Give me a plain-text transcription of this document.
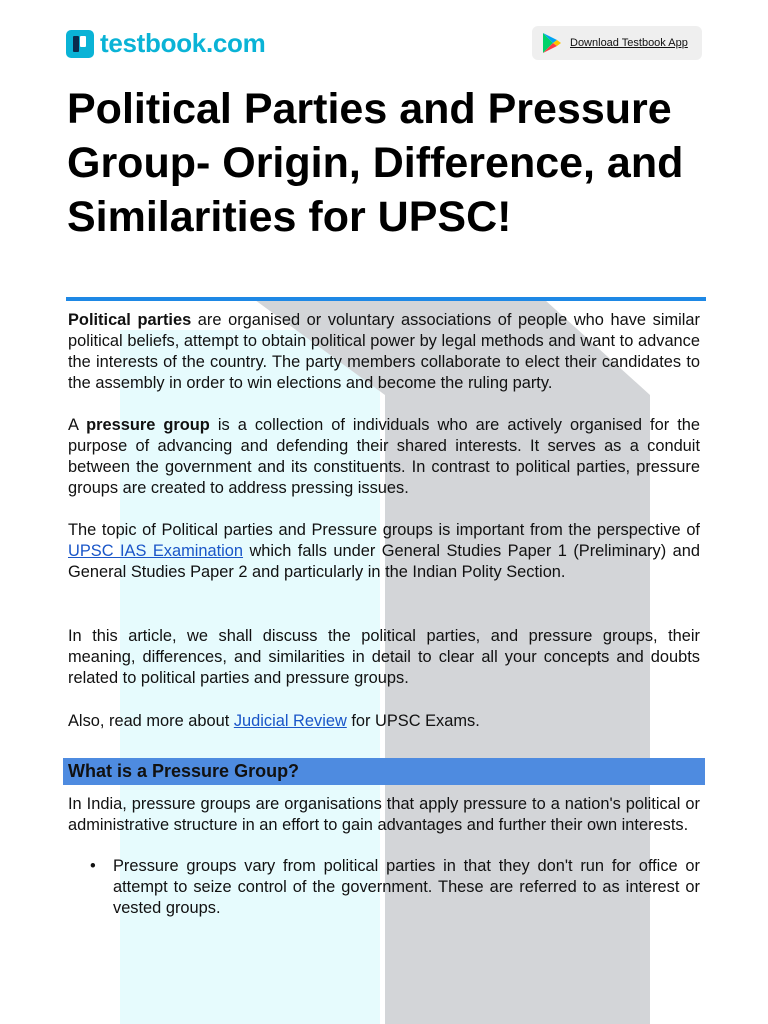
testbook.com	Download Testbook App
Political Parties and Pressure Group- Origin, Difference, and Similarities for UPSC!

Political parties are organised or voluntary associations of people who have similar political beliefs, attempt to obtain political power by legal methods and want to advance the interests of the country. The party members collaborate to elect their candidates to the assembly in order to win elections and become the ruling party.

A pressure group is a collection of individuals who are actively organised for the purpose of advancing and defending their shared interests. It serves as a conduit between the government and its constituents. In contrast to political parties, pressure groups are created to address pressing issues.

The topic of Political parties and Pressure groups is important from the perspective of UPSC IAS Examination which falls under General Studies Paper 1 (Preliminary) and General Studies Paper 2 and particularly in the Indian Polity Section.

In this article, we shall discuss the political parties, and pressure groups, their meaning, differences, and similarities in detail to clear all your concepts and doubts related to political parties and pressure groups.

Also, read more about Judicial Review for UPSC Exams.

What is a Pressure Group?

In India, pressure groups are organisations that apply pressure to a nation's political or administrative structure in an effort to gain advantages and further their own interests.

• Pressure groups vary from political parties in that they don't run for office or attempt to seize control of the government. These are referred to as interest or vested groups.
